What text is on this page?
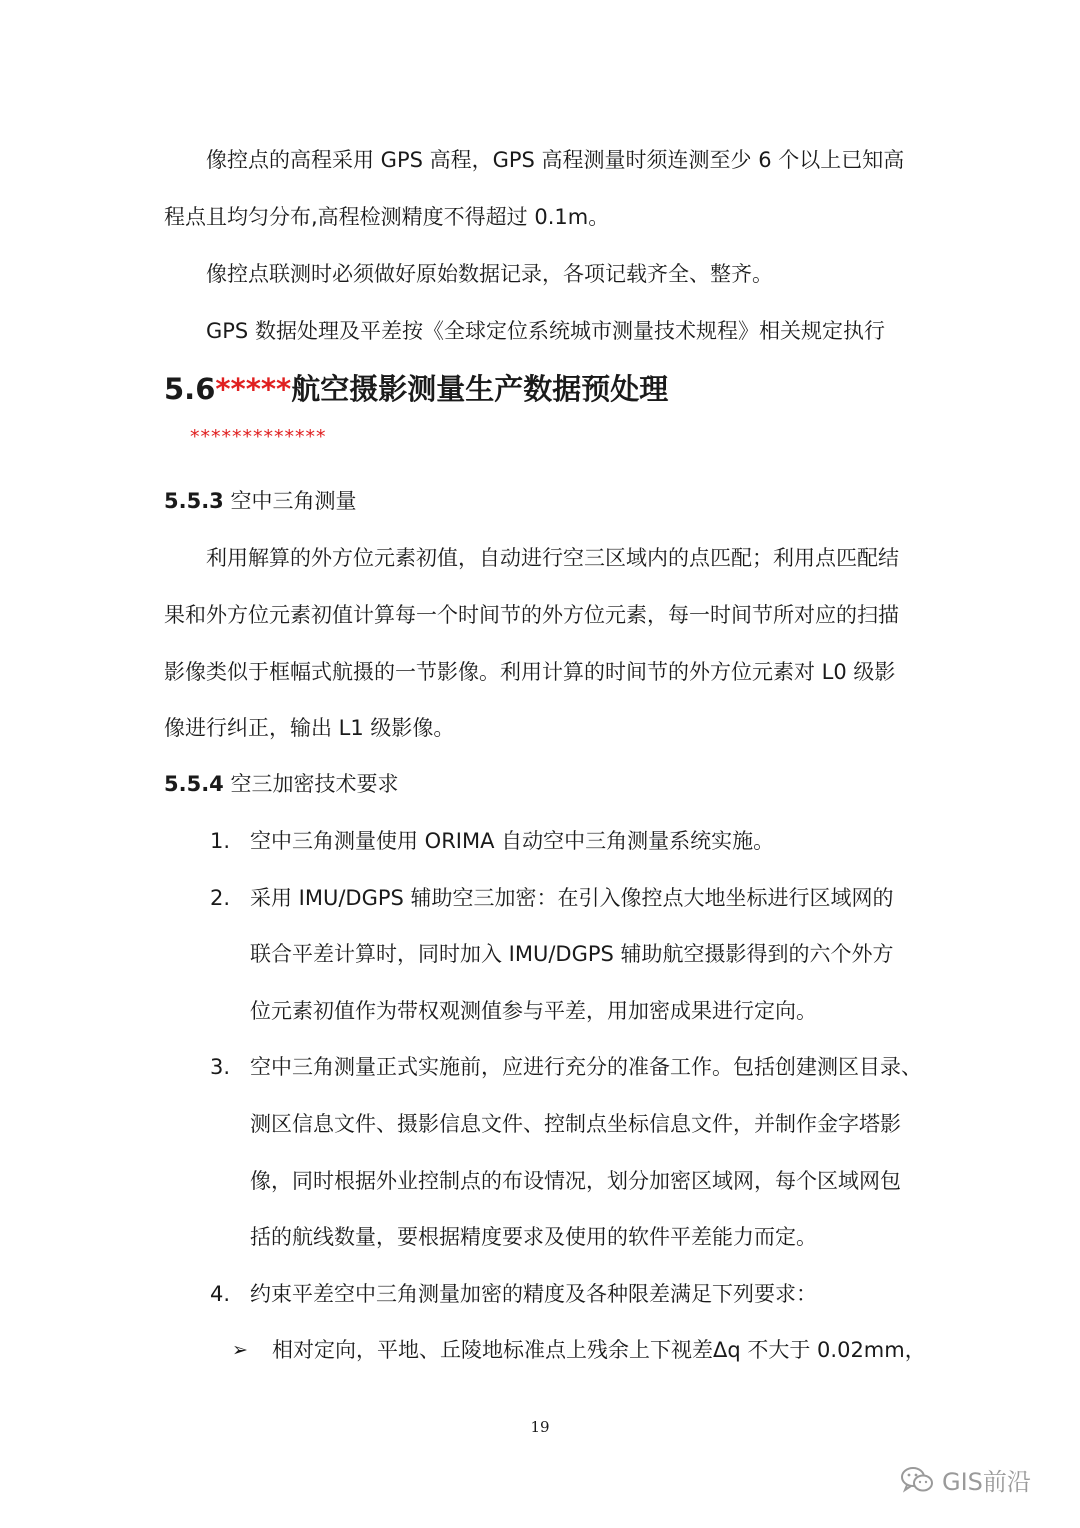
像控点的高程采用 GPS 高程，GPS 高程测量时须连测至少 6 个以上已知高
程点且均匀分布,高程检测精度不得超过 0.1m。
像控点联测时必须做好原始数据记录，各项记载齐全、整齐。
GPS 数据处理及平差按《全球定位系统城市测量技术规程》相关规定执行
5.6*****航空摄影测量生产数据预处理
*************
5.5.3 空中三角测量
利用解算的外方位元素初值，自动进行空三区域内的点匹配；利用点匹配结
果和外方位元素初值计算每一个时间节的外方位元素，每一时间节所对应的扫描
影像类似于框幅式航摄的一节影像。利用计算的时间节的外方位元素对 L0 级影
像进行纠正，输出 L1 级影像。
5.5.4 空三加密技术要求
1. 空中三角测量使用 ORIMA 自动空中三角测量系统实施。
2. 采用 IMU/DGPS 辅助空三加密：在引入像控点大地坐标进行区域网的
联合平差计算时，同时加入 IMU/DGPS 辅助航空摄影得到的六个外方
位元素初值作为带权观测值参与平差，用加密成果进行定向。
3. 空中三角测量正式实施前，应进行充分的准备工作。包括创建测区目录、
测区信息文件、摄影信息文件、控制点坐标信息文件，并制作金字塔影
像，同时根据外业控制点的布设情况，划分加密区域网，每个区域网包
括的航线数量，要根据精度要求及使用的软件平差能力而定。
4. 约束平差空中三角测量加密的精度及各种限差满足下列要求：
➢ 相对定向，平地、丘陵地标准点上残余上下视差Δq 不大于 0.02mm，
19
GIS前沿
